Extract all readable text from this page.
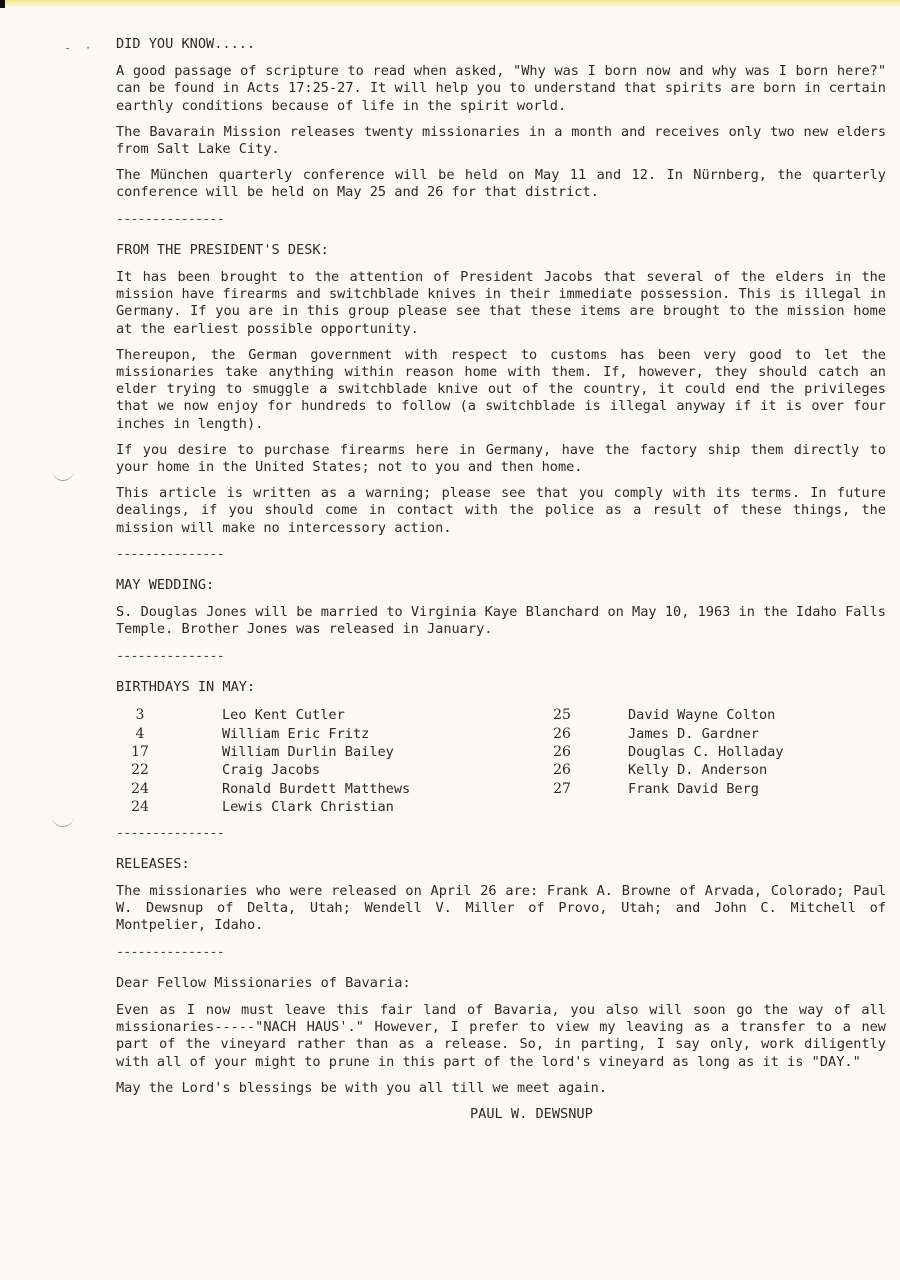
- · DID YOU KNOW.....

A good passage of scripture to read when asked, "Why was I born now and why was I born here?" can be found in Acts 17:25-27. It will help you to understand that spirits are born in certain earthly conditions because of life in the spirit world.

The Bavarain Mission releases twenty missionaries in a month and receives only two new elders from Salt Lake City.

The München quarterly conference will be held on May 11 and 12. In Nürnberg, the quarterly conference will be held on May 25 and 26 for that district.

---------------
FROM THE PRESIDENT'S DESK:

It has been brought to the attention of President Jacobs that several of the elders in the mission have firearms and switchblade knives in their immediate possession. This is illegal in Germany. If you are in this group please see that these items are brought to the mission home at the earliest possible opportunity.

Thereupon, the German government with respect to customs has been very good to let the missionaries take anything within reason home with them. If, however, they should catch an elder trying to smuggle a switchblade knive out of the country, it could end the privileges that we now enjoy for hundreds to follow (a switchblade is illegal anyway if it is over four inches in length).

If you desire to purchase firearms here in Germany, have the factory ship them directly to your home in the United States; not to you and then home.

This article is written as a warning; please see that you comply with its terms. In future dealings, if you should come in contact with the police as a result of these things, the mission will make no intercessory action.

---------------
MAY WEDDING:

S. Douglas Jones will be married to Virginia Kaye Blanchard on May 10, 1963 in the Idaho Falls Temple. Brother Jones was released in January.

---------------
BIRTHDAYS IN MAY:
3	Leo Kent Cutler
4	William Eric Fritz
17	William Durlin Bailey
22	Craig Jacobs
24	Ronald Burdett Matthews
24	Lewis Clark Christian
25	David Wayne Colton
26	James D. Gardner
26	Douglas C. Holladay
26	Kelly D. Anderson
27	Frank David Berg
---------------
RELEASES:

The missionaries who were released on April 26 are: Frank A. Browne of Arvada, Colorado; Paul W. Dewsnup of Delta, Utah; Wendell V. Miller of Provo, Utah; and John C. Mitchell of Montpelier, Idaho.

---------------
Dear Fellow Missionaries of Bavaria:

Even as I now must leave this fair land of Bavaria, you also will soon go the way of all missionaries-----"NACH HAUS'." However, I prefer to view my leaving as a transfer to a new part of the vineyard rather than as a release. So, in parting, I say only, work diligently with all of your might to prune in this part of the lord's vineyard as long as it is "DAY."

May the Lord's blessings be with you all till we meet again.

PAUL W. DEWSNUP
